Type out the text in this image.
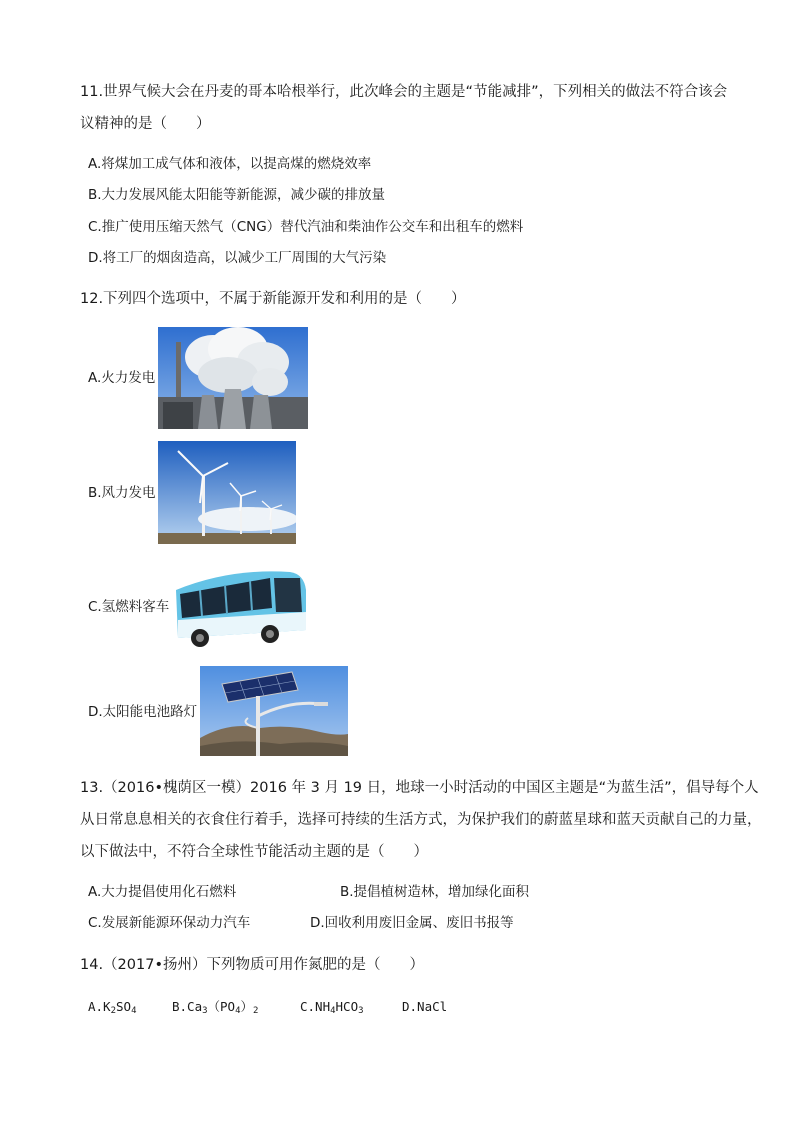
11.世界气候大会在丹麦的哥本哈根举行，此次峰会的主题是“节能减排”，下列相关的做法不符合该会
议精神的是（　　）
A.将煤加工成气体和液体，以提高煤的燃烧效率
B.大力发展风能太阳能等新能源，减少碳的排放量
C.推广使用压缩天然气（CNG）替代汽油和柴油作公交车和出租车的燃料
D.将工厂的烟囱造高，以减少工厂周围的大气污染
12.下列四个选项中，不属于新能源开发和利用的是（　　）
A.火力发电
B.风力发电
C.氢燃料客车
D.太阳能电池路灯
13.（2016•槐荫区一模）2016 年 3 月 19 日，地球一小时活动的中国区主题是“为蓝生活”，倡导每个人
从日常息息相关的衣食住行着手，选择可持续的生活方式，为保护我们的蔚蓝星球和蓝天贡献自己的力量，
以下做法中，不符合全球性节能活动主题的是（　　）
A.大力提倡使用化石燃料	B.提倡植树造林，增加绿化面积
C.发展新能源环保动力汽车	D.回收利用废旧金属、废旧书报等
14.（2017•扬州）下列物质可用作氮肥的是（　　）
$A.K_2SO_4$	$B.Ca_3(PO_4)_2$	$C.NH_4HCO_3$	D.NaCl
